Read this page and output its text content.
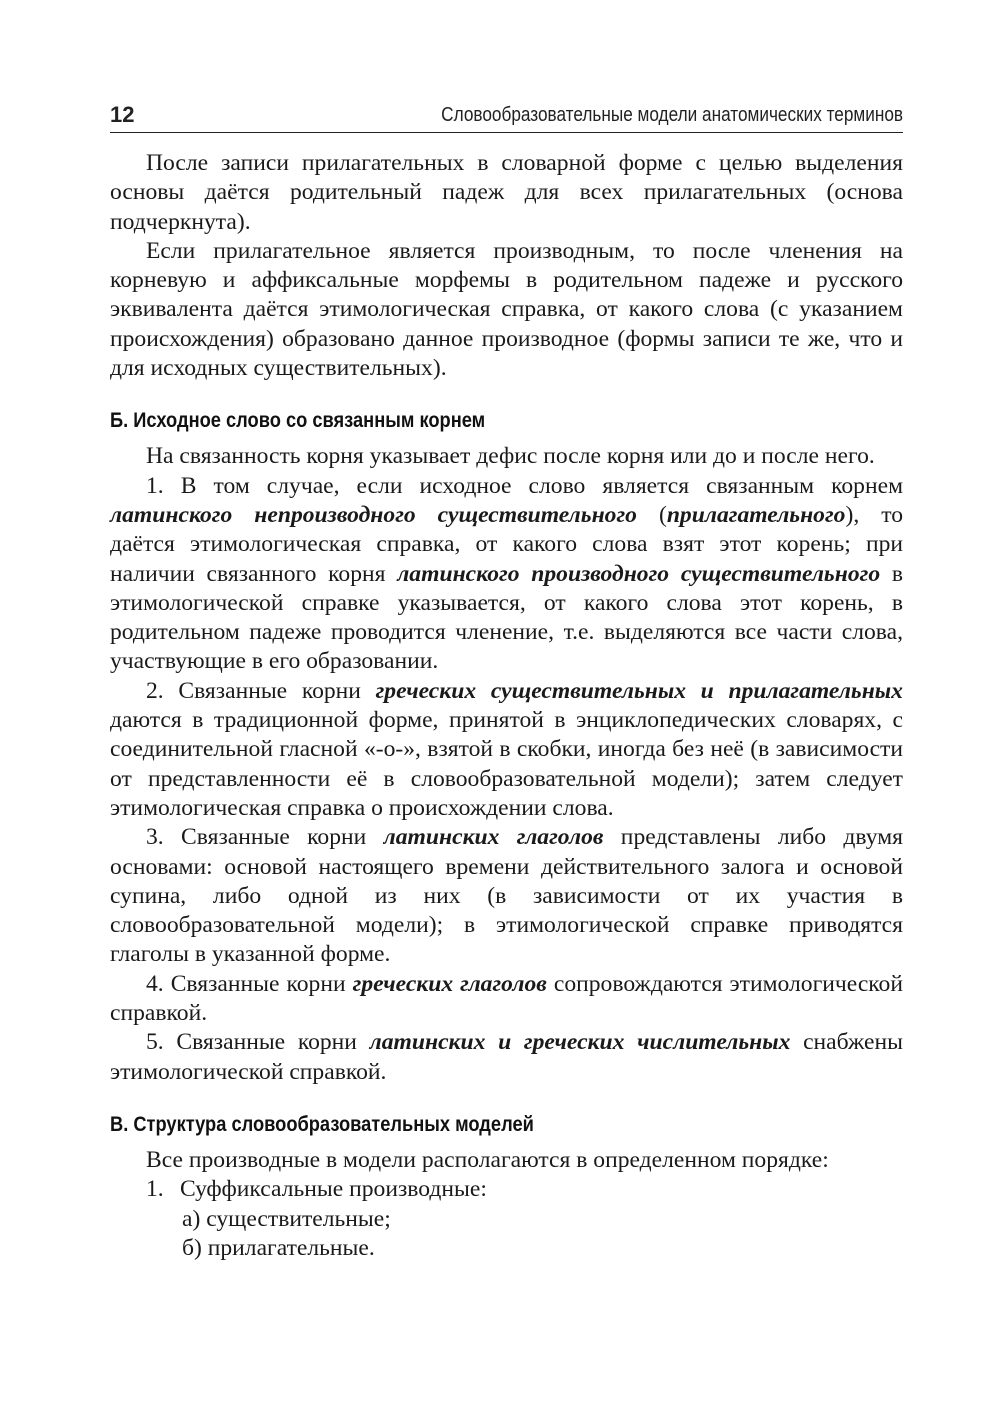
12	Словообразовательные модели анатомических терминов

После записи прилагательных в словарной форме с целью выделения основы даётся родительный падеж для всех прилагательных (основа подчеркнута).

Если прилагательное является производным, то после членения на корневую и аффиксальные морфемы в родительном падеже и русского эквивалента даётся этимологическая справка, от какого слова (с указанием происхождения) образовано данное производное (формы записи те же, что и для исходных существительных).

Б. Исходное слово со связанным корнем

На связанность корня указывает дефис после корня или до и после него.

1. В том случае, если исходное слово является связанным корнем латинского непроизводного существительного (прилагательного), то даётся этимологическая справка, от какого слова взят этот корень; при наличии связанного корня латинского производного существительного в этимологической справке указывается, от какого слова этот корень, в родительном падеже проводится членение, т.е. выделяются все части слова, участвующие в его образовании.

2. Связанные корни греческих существительных и прилагательных даются в традиционной форме, принятой в энциклопедических словарях, с соединительной гласной «-о-», взятой в скобки, иногда без неё (в зависимости от представленности её в словообразовательной модели); затем следует этимологическая справка о происхождении слова.

3. Связанные корни латинских глаголов представлены либо двумя основами: основой настоящего времени действительного залога и основой супина, либо одной из них (в зависимости от их участия в словообразовательной модели); в этимологической справке приводятся глаголы в указанной форме.

4. Связанные корни греческих глаголов сопровождаются этимологической справкой.

5. Связанные корни латинских и греческих числительных снабжены этимологической справкой.

В. Структура словообразовательных моделей

Все производные в модели располагаются в определенном порядке:

1. Суффиксальные производные:

а) существительные;

б) прилагательные.
